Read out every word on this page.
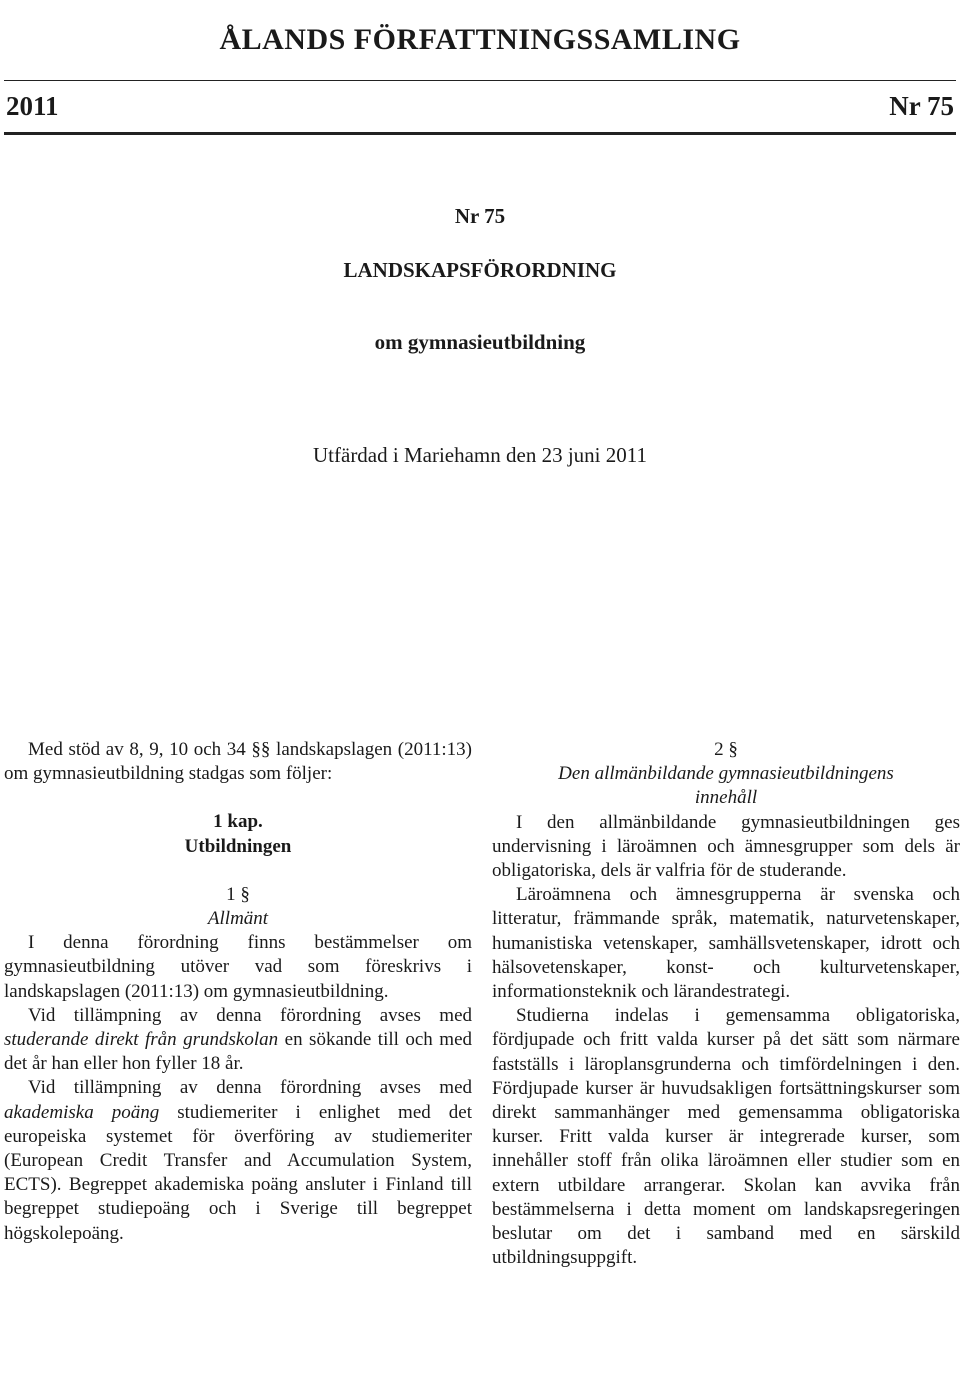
ÅLANDS FÖRFATTNINGSSAMLING
2011	Nr 75
Nr 75
LANDSKAPSFÖRORDNING
om gymnasieutbildning
Utfärdad i Mariehamn den 23 juni 2011

Med stöd av 8, 9, 10 och 34 §§ landskapslagen (2011:13) om gymnasieutbildning stadgas som följer:

1 kap.

Utbildningen

1 §

Allmänt

I denna förordning finns bestämmelser om gymnasieutbildning utöver vad som föreskrivs i landskapslagen (2011:13) om gymnasieutbildning.

Vid tillämpning av denna förordning avses med studerande direkt från grundskolan en sökande till och med det år han eller hon fyller 18 år.

Vid tillämpning av denna förordning avses med akademiska poäng studiemeriter i enlighet med det europeiska systemet för överföring av studiemeriter (European Credit Transfer and Accumulation System, ECTS). Begreppet akademiska poäng ansluter i Finland till begreppet studiepoäng och i Sverige till begreppet högskolepoäng.

2 §

Den allmänbildande gymnasieutbildningens innehåll

I den allmänbildande gymnasieutbildningen ges undervisning i läroämnen och ämnesgrupper som dels är obligatoriska, dels är valfria för de studerande.

Läroämnena och ämnesgrupperna är svenska och litteratur, främmande språk, matematik, naturvetenskaper, humanistiska vetenskaper, samhällsvetenskaper, idrott och hälsovetenskaper, konst- och kulturvetenskaper, informationsteknik och lärandestrategi.

Studierna indelas i gemensamma obligatoriska, fördjupade och fritt valda kurser på det sätt som närmare fastställs i läroplansgrunderna och timfördelningen i den. Fördjupade kurser är huvudsakligen fortsättningskurser som direkt sammanhänger med gemensamma obligatoriska kurser. Fritt valda kurser är integrerade kurser, som innehåller stoff från olika läroämnen eller studier som en extern utbildare arrangerar. Skolan kan avvika från bestämmelserna i detta moment om landskapsregeringen beslutar om det i samband med en särskild utbildningsuppgift.
